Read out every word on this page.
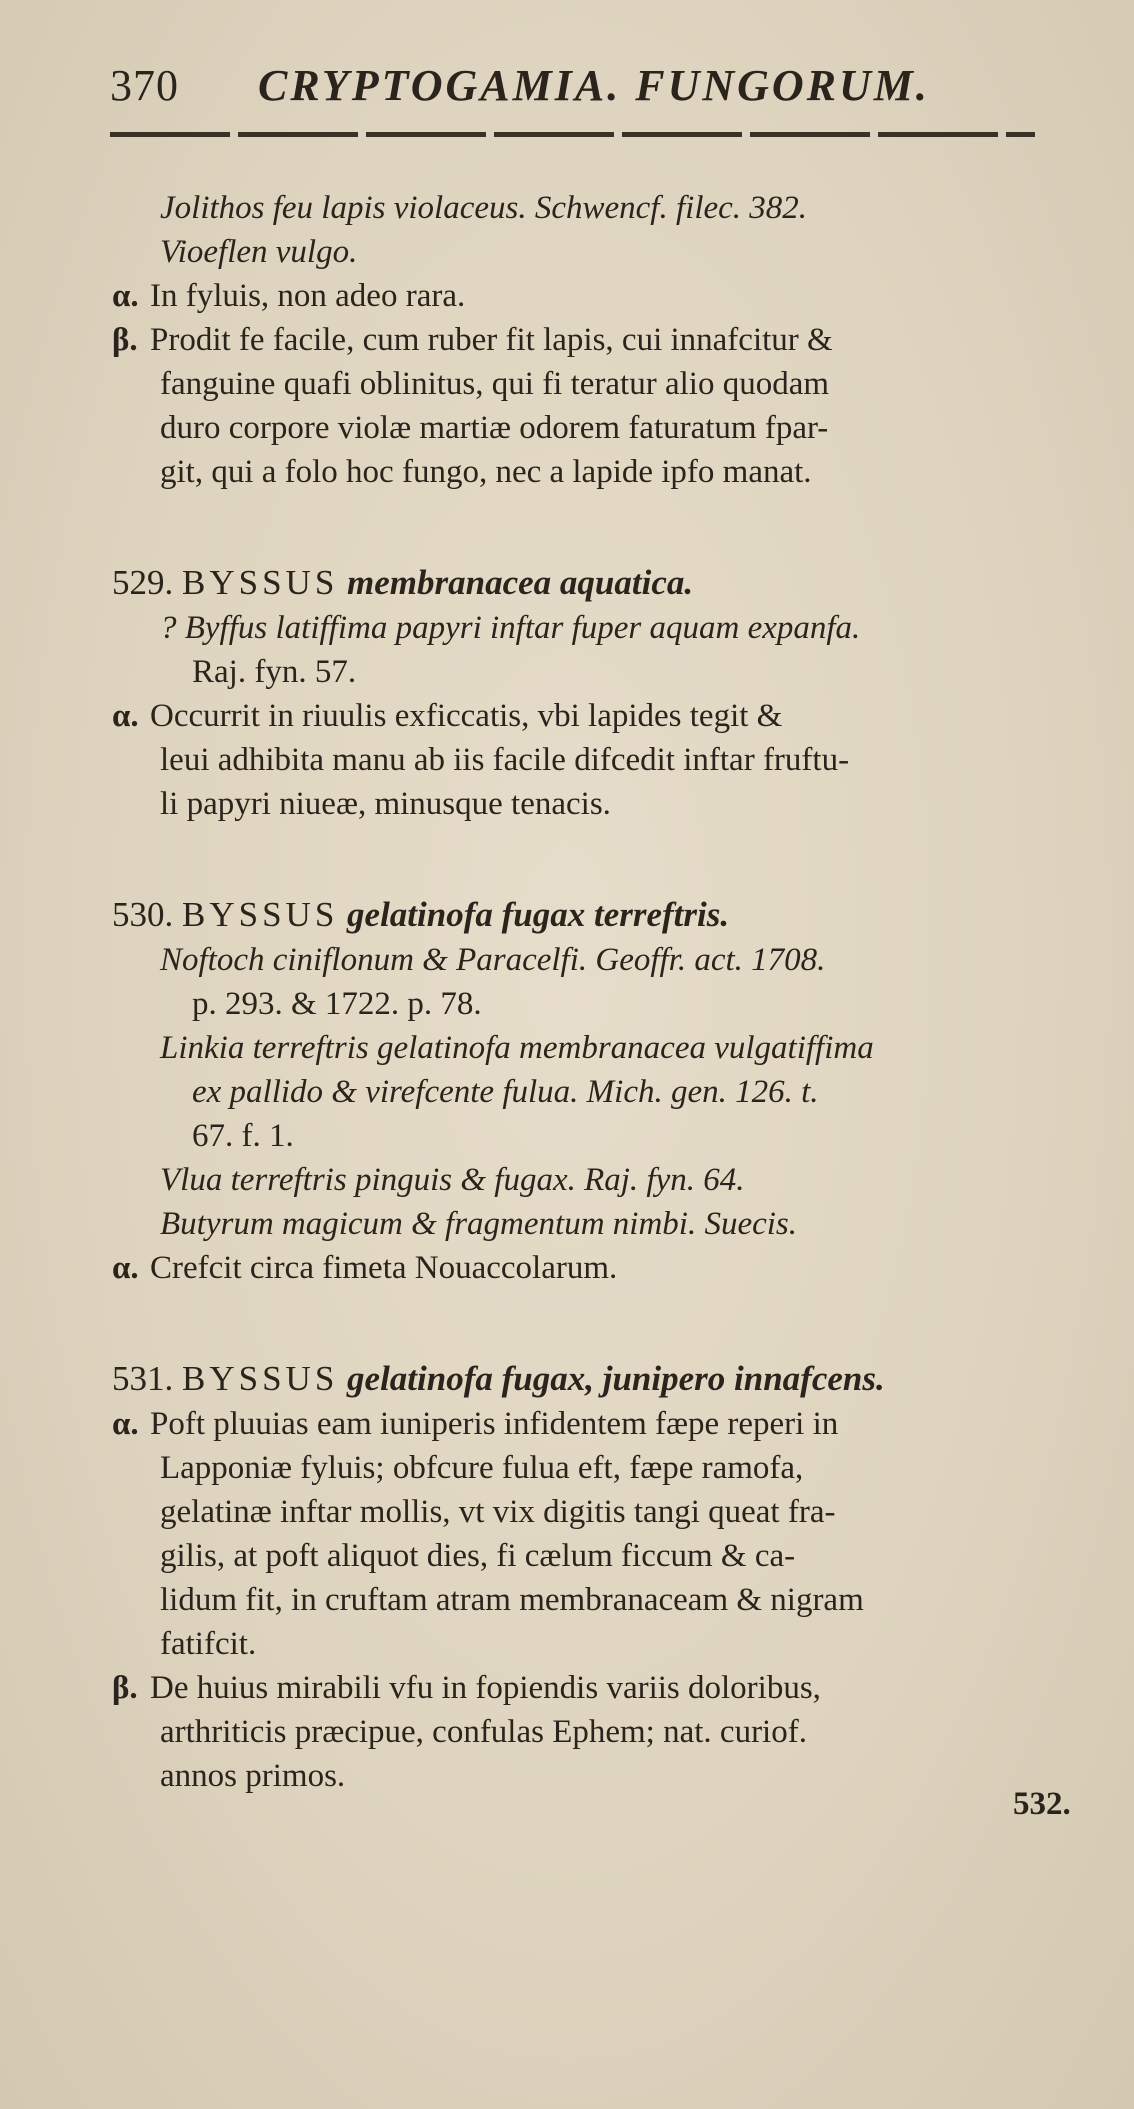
370 CRYPTOGAMIA. FUNGORUM.
Jolithos feu lapis violaceus. Schwencf. filec. 382.
Vioeflen vulgo.
α. In fyluis, non adeo rara.
β. Prodit fe facile, cum ruber fit lapis, cui innafcitur &
fanguine quafi oblinitus, qui fi teratur alio quodam
duro corpore violæ martiæ odorem faturatum fpar-
git, qui a folo hoc fungo, nec a lapide ipfo manat.
529. BYSSUS membranacea aquatica.
? Byffus latiffima papyri inftar fuper aquam expanfa.
Raj. fyn. 57.
α. Occurrit in riuulis exficcatis, vbi lapides tegit &
leui adhibita manu ab iis facile difcedit inftar fruftu-
li papyri niueæ, minusque tenacis.
530. BYSSUS gelatinofa fugax terreftris.
Noftoch ciniflonum & Paracelfi. Geoffr. act. 1708.
p. 293. & 1722. p. 78.
Linkia terreftris gelatinofa membranacea vulgatiffima
ex pallido & virefcente fulua. Mich. gen. 126. t.
67. f. 1.
Vlua terreftris pinguis & fugax. Raj. fyn. 64.
Butyrum magicum & fragmentum nimbi. Suecis.
α. Crefcit circa fimeta Nouaccolarum.
531. BYSSUS gelatinofa fugax, junipero innafcens.
α. Poft pluuias eam iuniperis infidentem fæpe reperi in
Lapponiæ fyluis; obfcure fulua eft, fæpe ramofa,
gelatinæ inftar mollis, vt vix digitis tangi queat fra-
gilis, at poft aliquot dies, fi cælum ficcum & ca-
lidum fit, in cruftam atram membranaceam & nigram
fatifcit.
β. De huius mirabili vfu in fopiendis variis doloribus,
arthriticis præcipue, confulas Ephem; nat. curiof.
annos primos.
532.
